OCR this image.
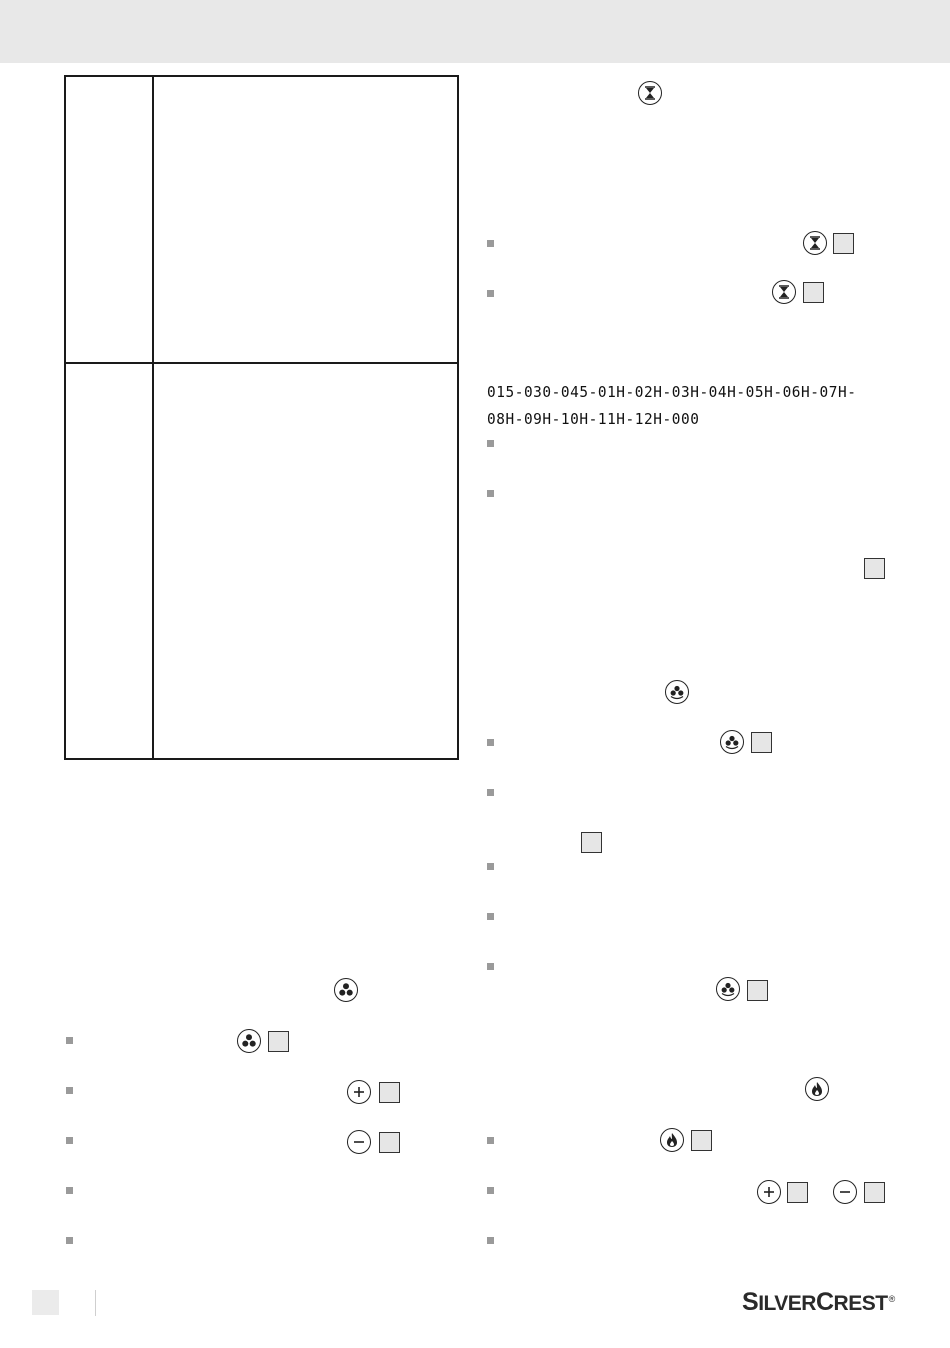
015-030-045-01H-02H-03H-04H-05H-06H-07H-
08H-09H-10H-11H-12H-000
SILVERCREST®
